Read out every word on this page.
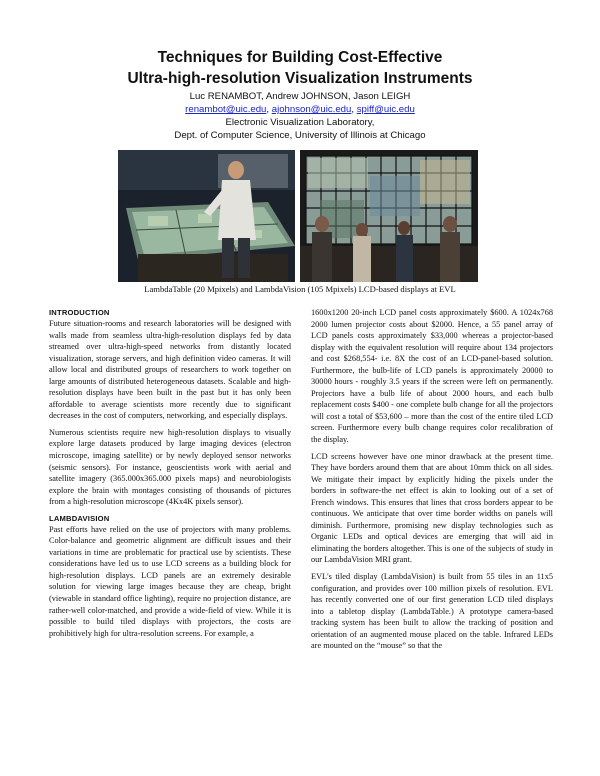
Techniques for Building Cost-Effective
Ultra-high-resolution Visualization Instruments
Luc RENAMBOT, Andrew JOHNSON, Jason LEIGH
renambot@uic.edu, ajohnson@uic.edu, spiff@uic.edu
Electronic Visualization Laboratory,
Dept. of Computer Science, University of Illinois at Chicago
LambdaTable (20 Mpixels) and LambdaVision (105 Mpixels) LCD-based displays at EVL
INTRODUCTION

Future situation-rooms and research laboratories will be designed with walls made from seamless ultra-high-resolution displays fed by data streamed over ultra-high-speed networks from distantly located visualization, storage servers, and high definition video cameras. It will allow local and distributed groups of researchers to work together on large amounts of distributed heterogeneous datasets. Scalable and high-resolution displays have been built in the past but it has only been affordable to average scientists more recently due to significant decreases in the cost of computers, networking, and especially displays.

Numerous scientists require new high-resolution displays to visually explore large datasets produced by large imaging devices (electron microscope, imaging satellite) or by newly deployed sensor networks (seismic sensors). For instance, geoscientists work with aerial and satellite imagery (365.000x365.000 pixels maps) and neurobiologists explore the brain with montages consisting of thousands of pictures from a high-resolution microscope (4Kx4K pixels sensor).

LAMBDAVISION

Past efforts have relied on the use of projectors with many problems. Color-balance and geometric alignment are difficult issues and their variations in time are problematic for practical use by scientists. These considerations have led us to use LCD screens as a building block for high-resolution displays. LCD panels are an extremely desirable solution for viewing large images because they are cheap, bright (viewable in standard office lighting), require no projection distance, are rather-well color-matched, and provide a wide-field of view. While it is possible to build tiled displays with projectors, the costs are prohibitively high for ultra-resolution screens. For example, a

1600x1200 20-inch LCD panel costs approximately $600. A 1024x768 2000 lumen projector costs about $2000. Hence, a 55 panel array of LCD panels costs approximately $33,000 whereas a projector-based display with the equivalent resolution will require about 134 projectors and cost $268,554- i.e. 8X the cost of an LCD-panel-based solution. Furthermore, the bulb-life of LCD panels is approximately 20000 to 30000 hours - roughly 3.5 years if the screen were left on permanently. Projectors have a bulb life of about 2000 hours, and each bulb replacement costs $400 - one complete bulb change for all the projectors will cost a total of $53,600 – more than the cost of the entire tiled LCD screen. Furthermore every bulb change requires color recalibration of the display.

LCD screens however have one minor drawback at the present time. They have borders around them that are about 10mm thick on all sides. We mitigate their impact by explicitly hiding the pixels under the borders in software-the net effect is akin to looking out of a set of French windows. This ensures that lines that cross borders appear to be continuous. We anticipate that over time border widths on panels will diminish. Furthermore, promising new display technologies such as Organic LEDs and optical devices are emerging that will aid in eliminating the borders altogether. This is one of the subjects of study in our LambdaVision MRI grant.

EVL's tiled display (LambdaVision) is built from 55 tiles in an 11x5 configuration, and provides over 100 million pixels of resolution. EVL has recently converted one of our first generation LCD tiled displays into a tabletop display (LambdaTable.) A prototype camera-based tracking system has been built to allow the tracking of position and orientation of an augmented mouse placed on the table. Infrared LEDs are mounted on the “mouse” so that the
